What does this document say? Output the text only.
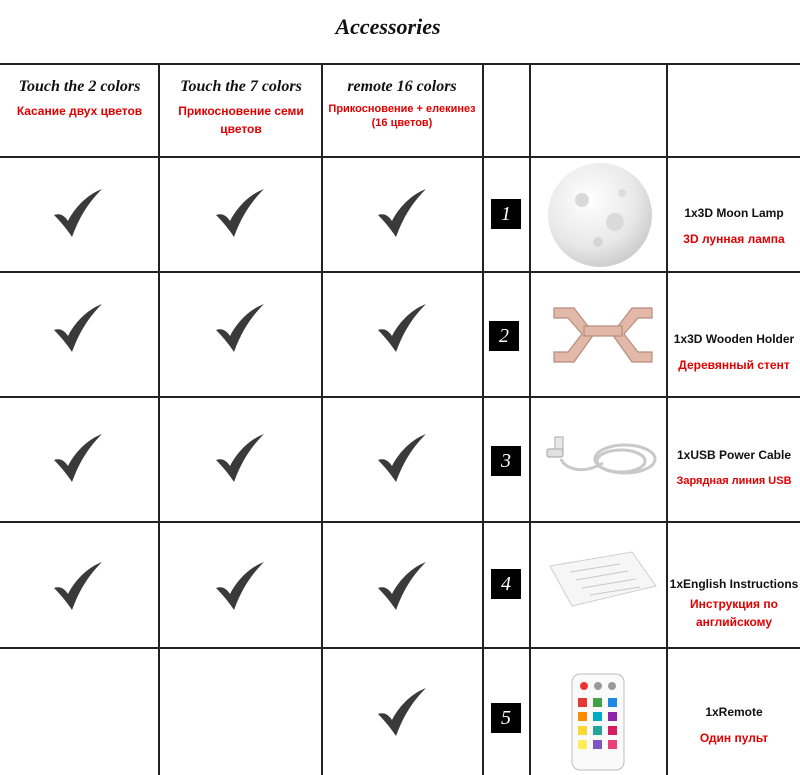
Accessories
Touch the 2 colors
Касание двух цветов
Touch the 7 colors
Прикосновение семи цветов
remote 16 colors
Прикосновение + елекинез (16 цветов)
1
2
3
4
5
1x3D Moon Lamp
3D лунная лампа
1x3D Wooden Holder
Деревянный стент
1xUSB Power Cable
Зарядная линия USB
1xEnglish Instructions
Инструкция по английскому
1xRemote
Один пульт
